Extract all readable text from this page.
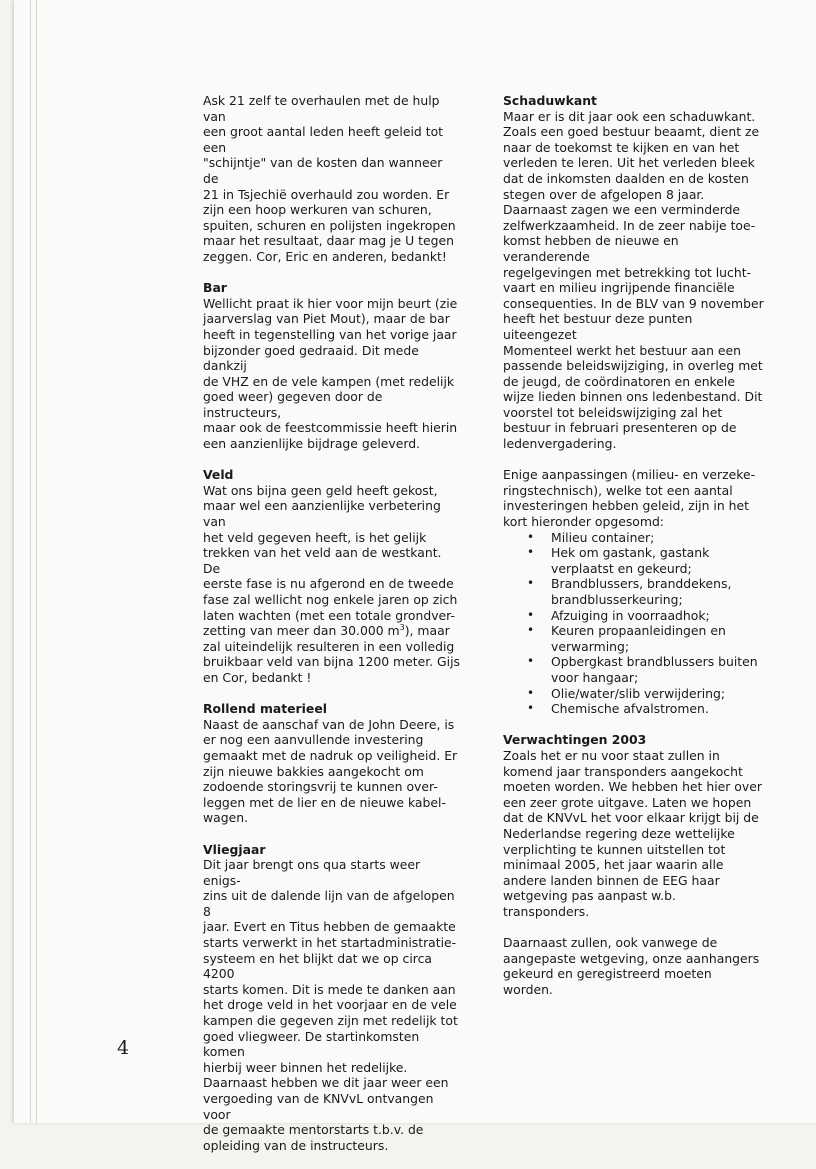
Ask 21 zelf te overhaulen met de hulp van
een groot aantal leden heeft geleid tot een
"schijntje" van de kosten dan wanneer de
21 in Tsjechië overhauld zou worden. Er
zijn een hoop werkuren van schuren,
spuiten, schuren en polijsten ingekropen
maar het resultaat, daar mag je U tegen
zeggen. Cor, Eric en anderen, bedankt!

Bar
Wellicht praat ik hier voor mijn beurt (zie
jaarverslag van Piet Mout), maar de bar
heeft in tegenstelling van het vorige jaar
bijzonder goed gedraaid. Dit mede dankzij
de VHZ en de vele kampen (met redelijk
goed weer) gegeven door de instructeurs,
maar ook de feestcommissie heeft hierin
een aanzienlijke bijdrage geleverd.
Veld
Wat ons bijna geen geld heeft gekost,
maar wel een aanzienlijke verbetering van
het veld gegeven heeft, is het gelijk
trekken van het veld aan de westkant. De
eerste fase is nu afgerond en de tweede
fase zal wellicht nog enkele jaren op zich
laten wachten (met een totale grondver-
zetting van meer dan 30.000 $m^3$), maar
zal uiteindelijk resulteren in een volledig
bruikbaar veld van bijna 1200 meter. Gijs
en Cor, bedankt !
Rollend materieel
Naast de aanschaf van de John Deere, is
er nog een aanvullende investering
gemaakt met de nadruk op veiligheid. Er
zijn nieuwe bakkies aangekocht om
zodoende storingsvrij te kunnen over-
leggen met de lier en de nieuwe kabel-
wagen.
Vliegjaar
Dit jaar brengt ons qua starts weer enigs-
zins uit de dalende lijn van de afgelopen 8
jaar. Evert en Titus hebben de gemaakte
starts verwerkt in het startadministratie-
systeem en het blijkt dat we op circa 4200
starts komen. Dit is mede te danken aan
het droge veld in het voorjaar en de vele
kampen die gegeven zijn met redelijk tot
goed vliegweer. De startinkomsten komen
hierbij weer binnen het redelijke.
Daarnaast hebben we dit jaar weer een
vergoeding van de KNVvL ontvangen voor
de gemaakte mentorstarts t.b.v. de
opleiding van de instructeurs.
Schaduwkant
Maar er is dit jaar ook een schaduwkant.
Zoals een goed bestuur beaamt, dient ze
naar de toekomst te kijken en van het
verleden te leren. Uit het verleden bleek
dat de inkomsten daalden en de kosten
stegen over de afgelopen 8 jaar.
Daarnaast zagen we een verminderde
zelfwerkzaamheid. In de zeer nabije toe-
komst hebben de nieuwe en veranderende
regelgevingen met betrekking tot lucht-
vaart en milieu ingrijpende financiële
consequenties. In de BLV van 9 november
heeft het bestuur deze punten uiteengezet
Momenteel werkt het bestuur aan een
passende beleidswijziging, in overleg met
de jeugd, de coördinatoren en enkele
wijze lieden binnen ons ledenbestand. Dit
voorstel tot beleidswijziging zal het
bestuur in februari presenteren op de
ledenvergadering.

Enige aanpassingen (milieu- en verzeke-
ringstechnisch), welke tot een aantal
investeringen hebben geleid, zijn in het
kort hieronder opgesomd:

• Milieu container;
• Hek om gastank, gastank
verplaatst en gekeurd;
• Brandblussers, branddekens,
brandblusserkeuring;
• Afzuiging in voorraadhok;
• Keuren propaanleidingen en
verwarming;
• Opbergkast brandblussers buiten
voor hangaar;
• Olie/water/slib verwijdering;
• Chemische afvalstromen.
Verwachtingen 2003
Zoals het er nu voor staat zullen in
komend jaar transponders aangekocht
moeten worden. We hebben het hier over
een zeer grote uitgave. Laten we hopen
dat de KNVvL het voor elkaar krijgt bij de
Nederlandse regering deze wettelijke
verplichting te kunnen uitstellen tot
minimaal 2005, het jaar waarin alle
andere landen binnen de EEG haar
wetgeving pas aanpast w.b. transponders.

Daarnaast zullen, ook vanwege de
aangepaste wetgeving, onze aanhangers
gekeurd en geregistreerd moeten worden.

4
